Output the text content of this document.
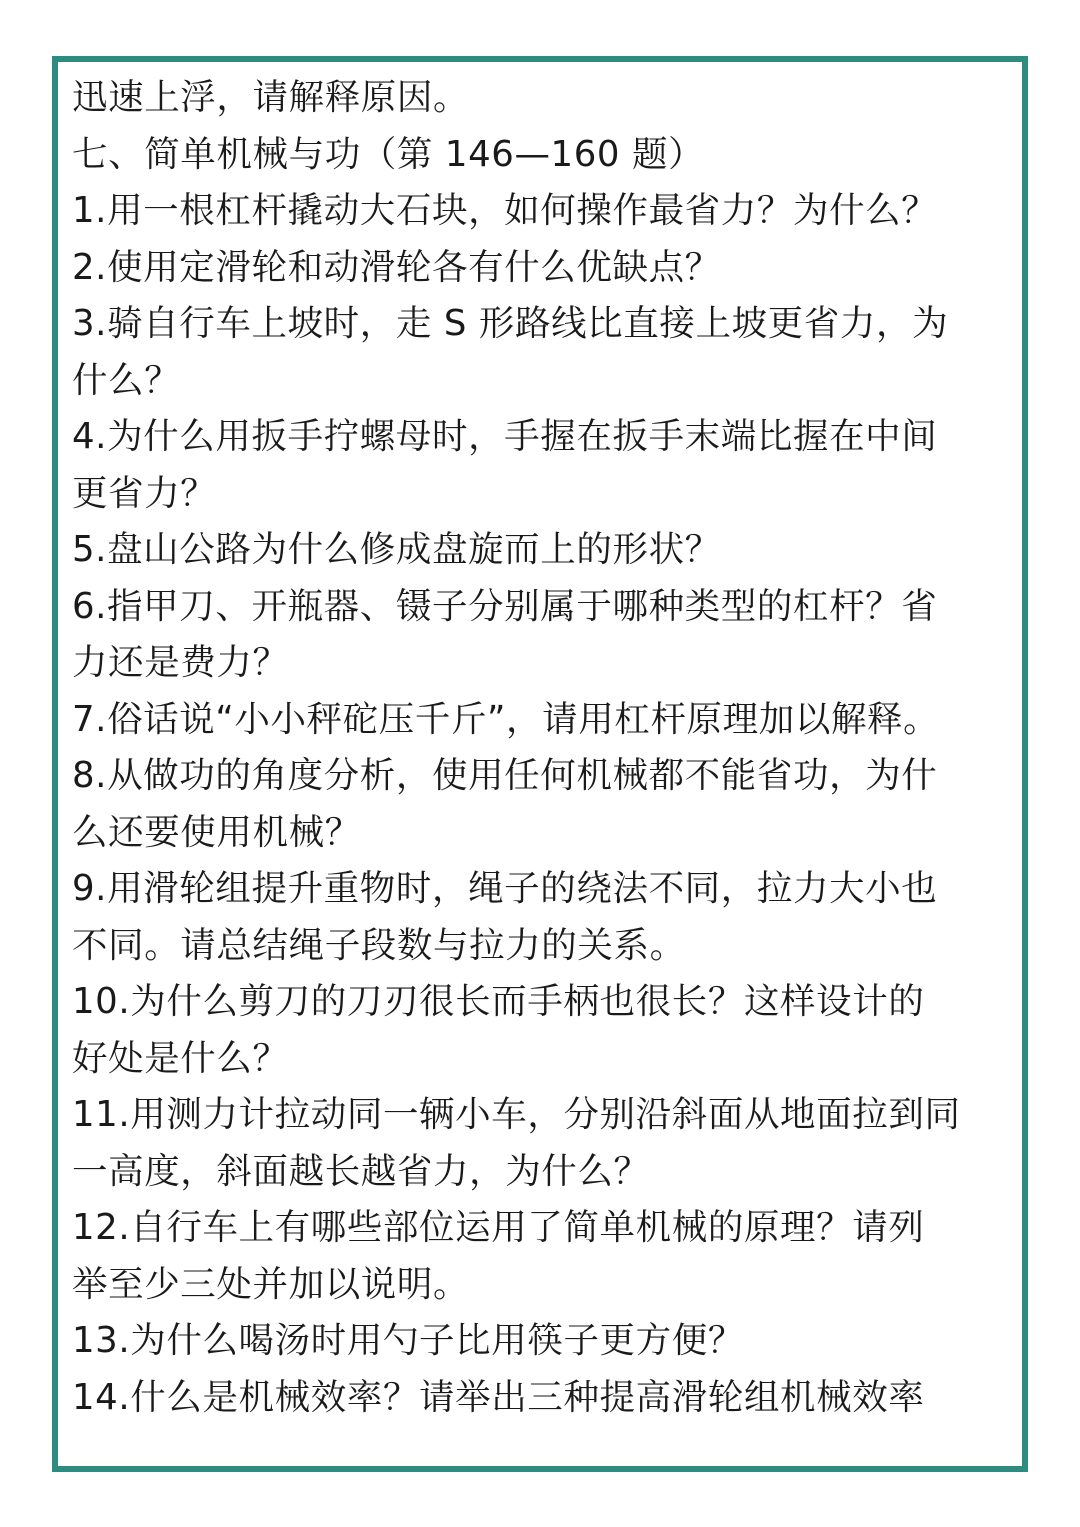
迅速上浮，请解释原因。
七、简单机械与功（第 146—160 题）
1.用一根杠杆撬动大石块，如何操作最省力？为什么？
2.使用定滑轮和动滑轮各有什么优缺点？
3.骑自行车上坡时，走 S 形路线比直接上坡更省力，为
什么？
4.为什么用扳手拧螺母时，手握在扳手末端比握在中间
更省力？
5.盘山公路为什么修成盘旋而上的形状？
6.指甲刀、开瓶器、镊子分别属于哪种类型的杠杆？省
力还是费力？
7.俗话说“小小秤砣压千斤”，请用杠杆原理加以解释。
8.从做功的角度分析，使用任何机械都不能省功，为什
么还要使用机械？
9.用滑轮组提升重物时，绳子的绕法不同，拉力大小也
不同。请总结绳子段数与拉力的关系。
10.为什么剪刀的刀刃很长而手柄也很长？这样设计的
好处是什么？
11.用测力计拉动同一辆小车，分别沿斜面从地面拉到同
一高度，斜面越长越省力，为什么？
12.自行车上有哪些部位运用了简单机械的原理？请列
举至少三处并加以说明。
13.为什么喝汤时用勺子比用筷子更方便？
14.什么是机械效率？请举出三种提高滑轮组机械效率
